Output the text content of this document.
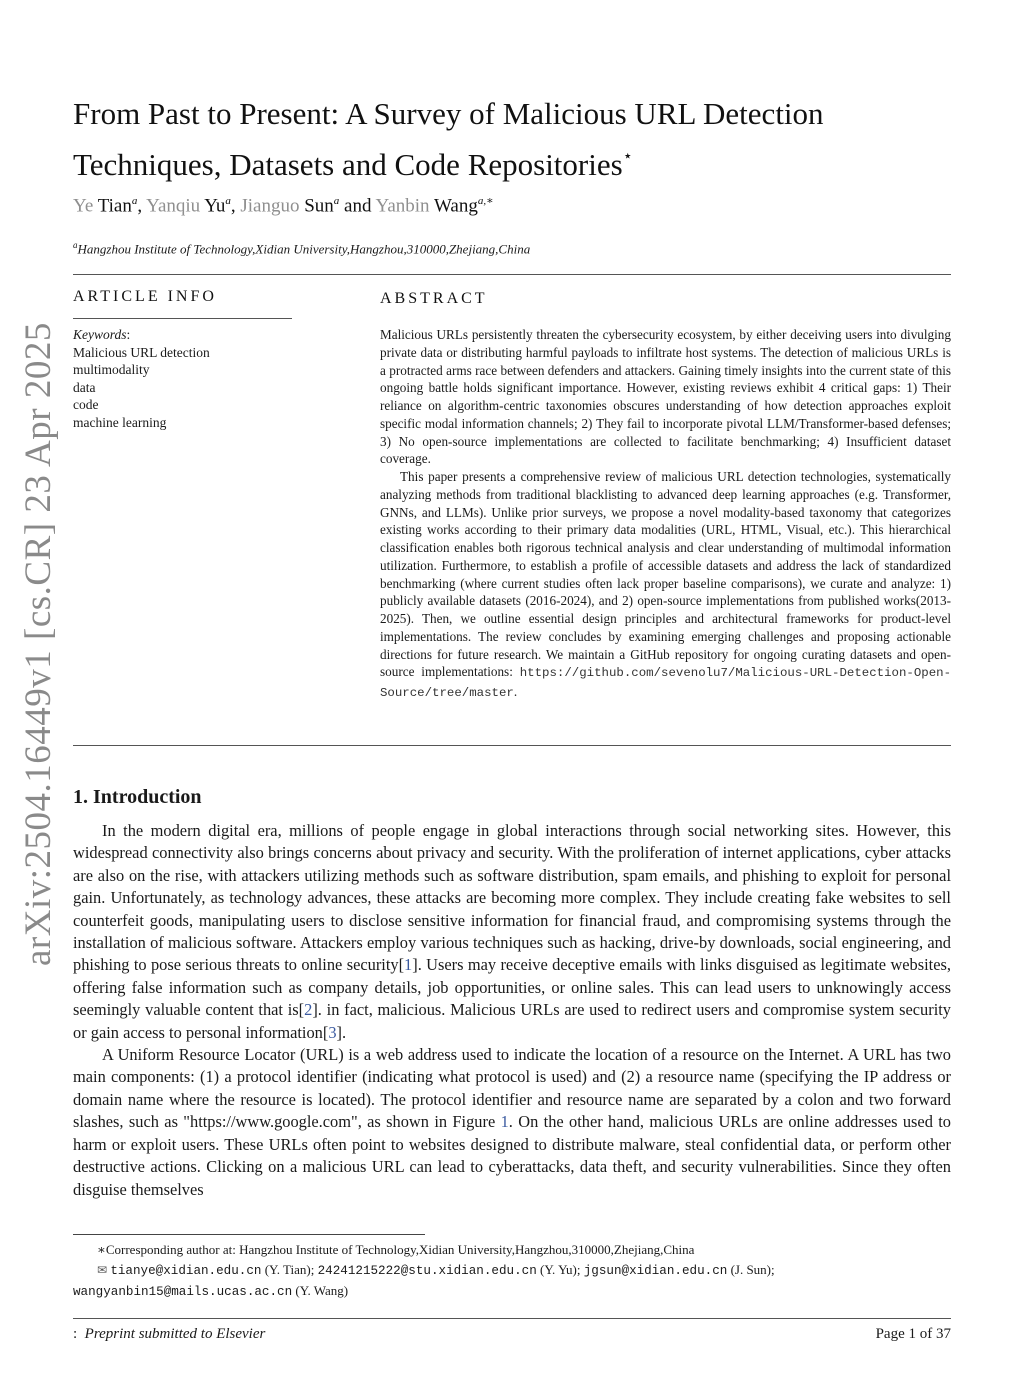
arXiv:2504.16449v1 [cs.CR] 23 Apr 2025
From Past to Present: A Survey of Malicious URL Detection
Techniques, Datasets and Code Repositories⋆
Ye Tian$^a$, Yanqiu Yu$^a$, Jianguo Sun$^a$ and Yanbin Wang$^{a,∗}$
$^a$Hangzhou Institute of Technology,Xidian University,Hangzhou,310000,Zhejiang,China
ARTICLE INFO
Keywords:
Malicious URL detection
multimodality
data
code
machine learning
ABSTRACT

Malicious URLs persistently threaten the cybersecurity ecosystem, by either deceiving users into divulging private data or distributing harmful payloads to infiltrate host systems. The detection of malicious URLs is a protracted arms race between defenders and attackers. Gaining timely insights into the current state of this ongoing battle holds significant importance. However, existing reviews exhibit 4 critical gaps: 1) Their reliance on algorithm-centric taxonomies obscures understanding of how detection approaches exploit specific modal information channels; 2) They fail to incorporate pivotal LLM/Transformer-based defenses; 3) No open-source implementations are collected to facilitate benchmarking; 4) Insufficient dataset coverage.

This paper presents a comprehensive review of malicious URL detection technologies, systematically analyzing methods from traditional blacklisting to advanced deep learning approaches (e.g. Transformer, GNNs, and LLMs). Unlike prior surveys, we propose a novel modality-based taxonomy that categorizes existing works according to their primary data modalities (URL, HTML, Visual, etc.). This hierarchical classification enables both rigorous technical analysis and clear understanding of multimodal information utilization. Furthermore, to establish a profile of accessible datasets and address the lack of standardized benchmarking (where current studies often lack proper baseline comparisons), we curate and analyze: 1) publicly available datasets (2016-2024), and 2) open-source implementations from published works(2013-2025). Then, we outline essential design principles and architectural frameworks for product-level implementations. The review concludes by examining emerging challenges and proposing actionable directions for future research. We maintain a GitHub repository for ongoing curating datasets and open-source implementations: https://github.com/sevenolu7/Malicious-URL-Detection-Open-Source/tree/master.

1. Introduction

In the modern digital era, millions of people engage in global interactions through social networking sites. However, this widespread connectivity also brings concerns about privacy and security. With the proliferation of internet applications, cyber attacks are also on the rise, with attackers utilizing methods such as software distribution, spam emails, and phishing to exploit for personal gain. Unfortunately, as technology advances, these attacks are becoming more complex. They include creating fake websites to sell counterfeit goods, manipulating users to disclose sensitive information for financial fraud, and compromising systems through the installation of malicious software. Attackers employ various techniques such as hacking, drive-by downloads, social engineering, and phishing to pose serious threats to online security[1]. Users may receive deceptive emails with links disguised as legitimate websites, offering false information such as company details, job opportunities, or online sales. This can lead users to unknowingly access seemingly valuable content that is[2]. in fact, malicious. Malicious URLs are used to redirect users and compromise system security or gain access to personal information[3].

A Uniform Resource Locator (URL) is a web address used to indicate the location of a resource on the Internet. A URL has two main components: (1) a protocol identifier (indicating what protocol is used) and (2) a resource name (specifying the IP address or domain name where the resource is located). The protocol identifier and resource name are separated by a colon and two forward slashes, such as "https://www.google.com", as shown in Figure 1. On the other hand, malicious URLs are online addresses used to harm or exploit users. These URLs often point to websites designed to distribute malware, steal confidential data, or perform other destructive actions. Clicking on a malicious URL can lead to cyberattacks, data theft, and security vulnerabilities. Since they often disguise themselves

∗Corresponding author at: Hangzhou Institute of Technology,Xidian University,Hangzhou,310000,Zhejiang,China
✉ tianye@xidian.edu.cn (Y. Tian); 24241215222@stu.xidian.edu.cn (Y. Yu); jgsun@xidian.edu.cn (J. Sun);
wangyanbin15@mails.ucas.ac.cn (Y. Wang)
: Preprint submitted to Elsevier	Page 1 of 37
